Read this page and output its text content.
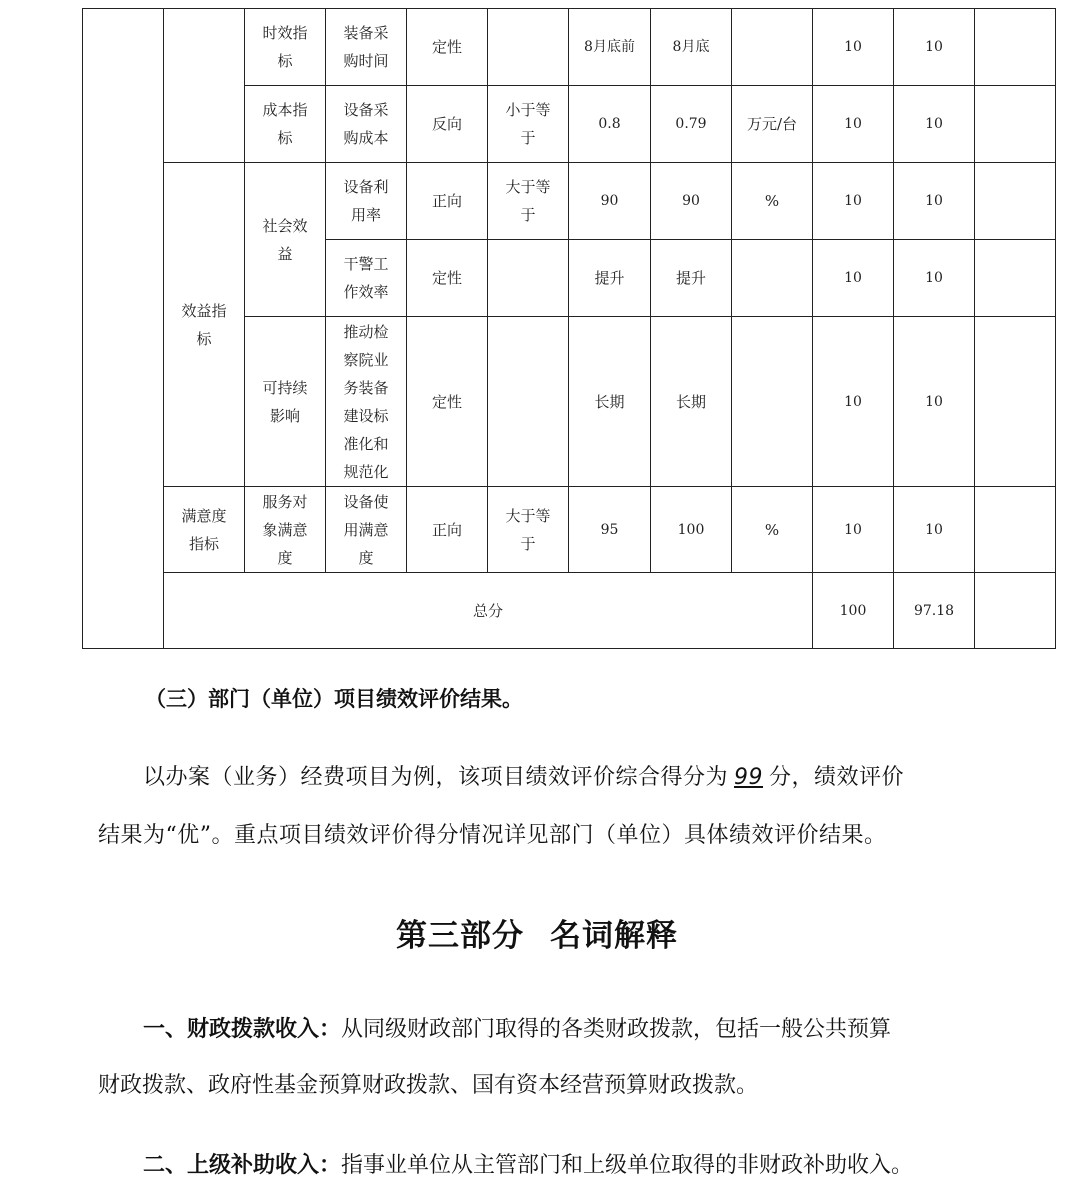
		时效指标	装备采购时间	定性		8月底前	8月底		10	10	
		成本指标	设备采购成本	反向	小于等于	0.8	0.79	万元/台	10	10	
	效益指标	社会效益	设备利用率	正向	大于等于	90	90	%	10	10	
			干警工作效率	定性		提升	提升		10	10	
		可持续影响	推动检察院业务装备建设标准化和规范化	定性		长期	长期		10	10	
	满意度指标	服务对象满意度	设备使用满意度	正向	大于等于	95	100	%	10	10	
	总分								100	97.18	
（三）部门（单位）项目绩效评价结果。
以办案（业务）经费项目为例，该项目绩效评价综合得分为 99 分，绩效评价
结果为“优”。重点项目绩效评价得分情况详见部门（单位）具体绩效评价结果。
第三部分 名词解释
一、财政拨款收入：从同级财政部门取得的各类财政拨款，包括一般公共预算
财政拨款、政府性基金预算财政拨款、国有资本经营预算财政拨款。
二、上级补助收入：指事业单位从主管部门和上级单位取得的非财政补助收入。
